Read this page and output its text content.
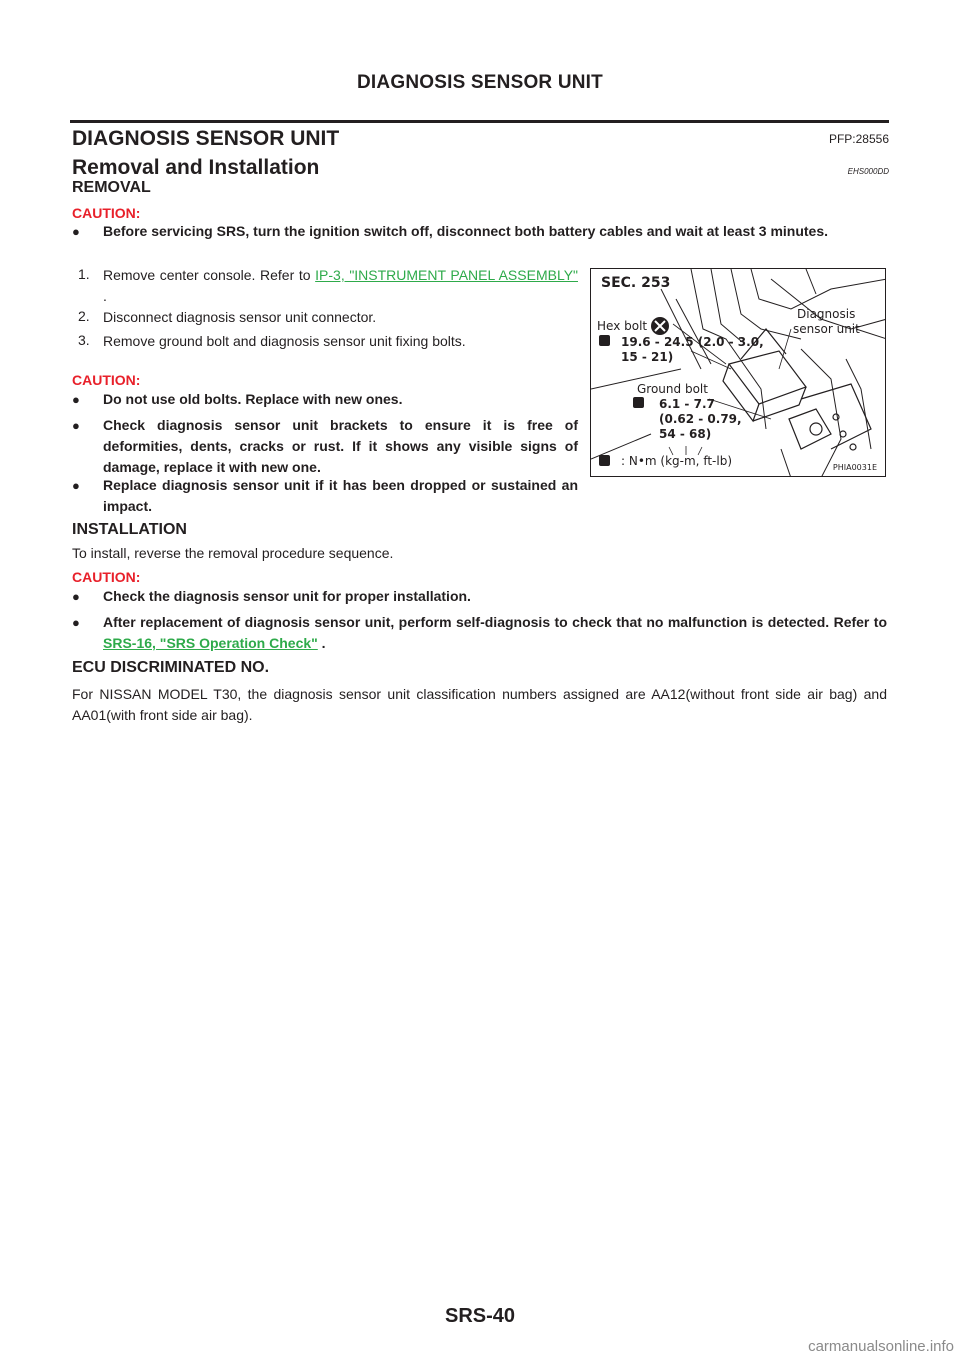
DIAGNOSIS SENSOR UNIT
DIAGNOSIS SENSOR UNIT	PFP:28556
Removal and Installation	EHS000DD
REMOVAL
CAUTION:
● Before servicing SRS, turn the ignition switch off, disconnect both battery cables and wait at least 3 minutes.
1. Remove center console. Refer to IP-3, "INSTRUMENT PANEL ASSEMBLY" .
2. Disconnect diagnosis sensor unit connector.
3. Remove ground bolt and diagnosis sensor unit fixing bolts.
CAUTION:
● Do not use old bolts. Replace with new ones.
● Check diagnosis sensor unit brackets to ensure it is free of deformities, dents, cracks or rust. If it shows any visible signs of damage, replace it with new one.
● Replace diagnosis sensor unit if it has been dropped or sustained an impact.
SEC. 253
Hex bolt
Diagnosis
sensor unit
19.6 - 24.5 (2.0 - 3.0,
15 - 21)
Ground bolt
6.1 - 7.7
(0.62 - 0.79,
54 - 68)
: N•m (kg-m, ft-lb)	PHIA0031E
INSTALLATION
To install, reverse the removal procedure sequence.
CAUTION:
● Check the diagnosis sensor unit for proper installation.
● After replacement of diagnosis sensor unit, perform self-diagnosis to check that no malfunction is detected. Refer to SRS-16, "SRS Operation Check" .
ECU DISCRIMINATED NO.
For NISSAN MODEL T30, the diagnosis sensor unit classification numbers assigned are AA12(without front side air bag) and AA01(with front side air bag).
SRS-40
carmanualsonline.info
